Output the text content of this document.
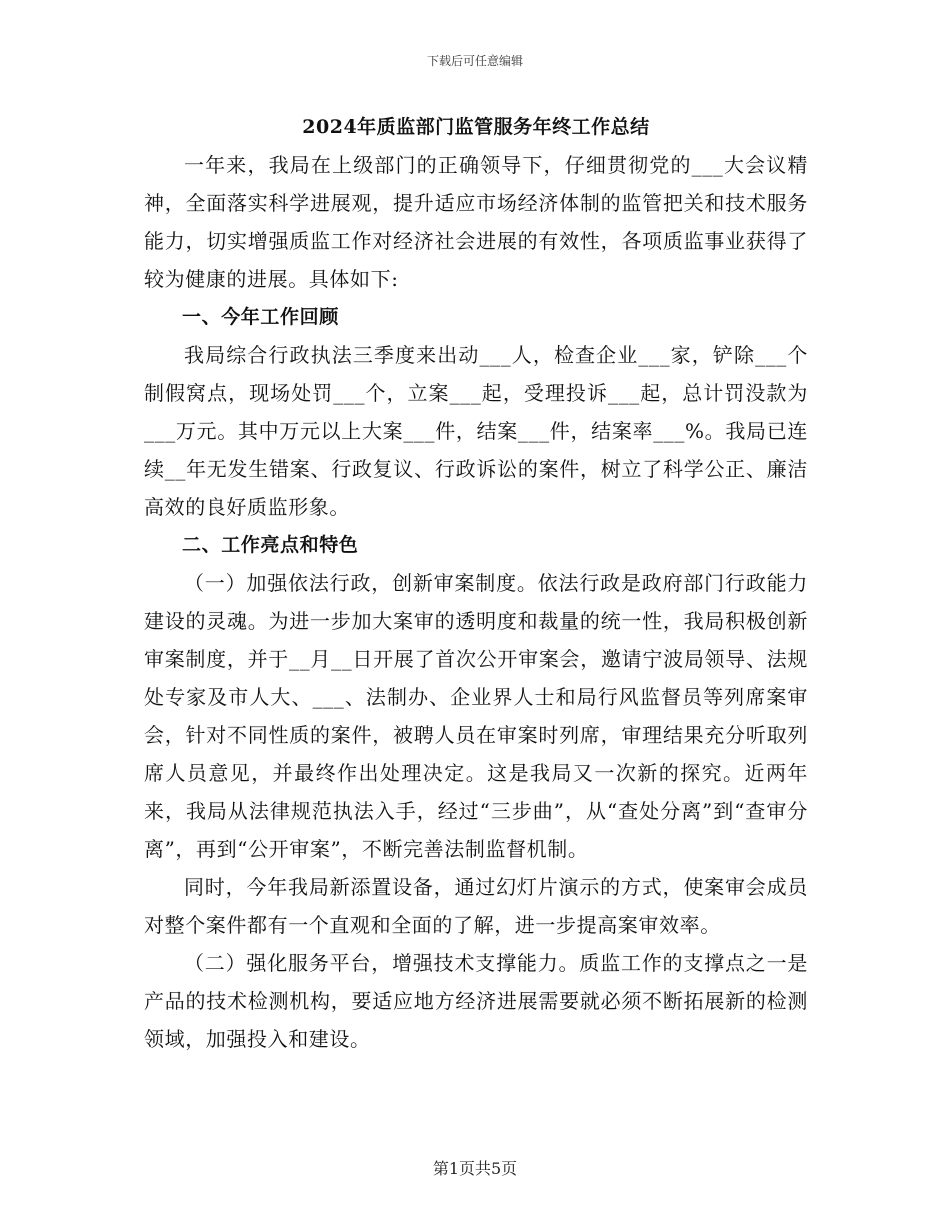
下载后可任意编辑
2024年质监部门监管服务年终工作总结

一年来，我局在上级部门的正确领导下，仔细贯彻党的___大会议精神，全面落实科学进展观，提升适应市场经济体制的监管把关和技术服务能力，切实增强质监工作对经济社会进展的有效性，各项质监事业获得了较为健康的进展。具体如下:

一、今年工作回顾

我局综合行政执法三季度来出动___人，检查企业___家，铲除___个制假窝点，现场处罚___个，立案___起，受理投诉___起，总计罚没款为___万元。其中万元以上大案___件，结案___件，结案率___%。我局已连续__年无发生错案、行政复议、行政诉讼的案件，树立了科学公正、廉洁高效的良好质监形象。

二、工作亮点和特色

（一）加强依法行政，创新审案制度。依法行政是政府部门行政能力建设的灵魂。为进一步加大案审的透明度和裁量的统一性，我局积极创新审案制度，并于__月__日开展了首次公开审案会，邀请宁波局领导、法规处专家及市人大、___、法制办、企业界人士和局行风监督员等列席案审会，针对不同性质的案件，被聘人员在审案时列席，审理结果充分听取列席人员意见，并最终作出处理决定。这是我局又一次新的探究。近两年来，我局从法律规范执法入手，经过“三步曲”，从“查处分离”到“查审分离”，再到“公开审案”，不断完善法制监督机制。

同时，今年我局新添置设备，通过幻灯片演示的方式，使案审会成员对整个案件都有一个直观和全面的了解，进一步提高案审效率。

（二）强化服务平台，增强技术支撑能力。质监工作的支撑点之一是产品的技术检测机构，要适应地方经济进展需要就必须不断拓展新的检测领域，加强投入和建设。

第1页共5页
